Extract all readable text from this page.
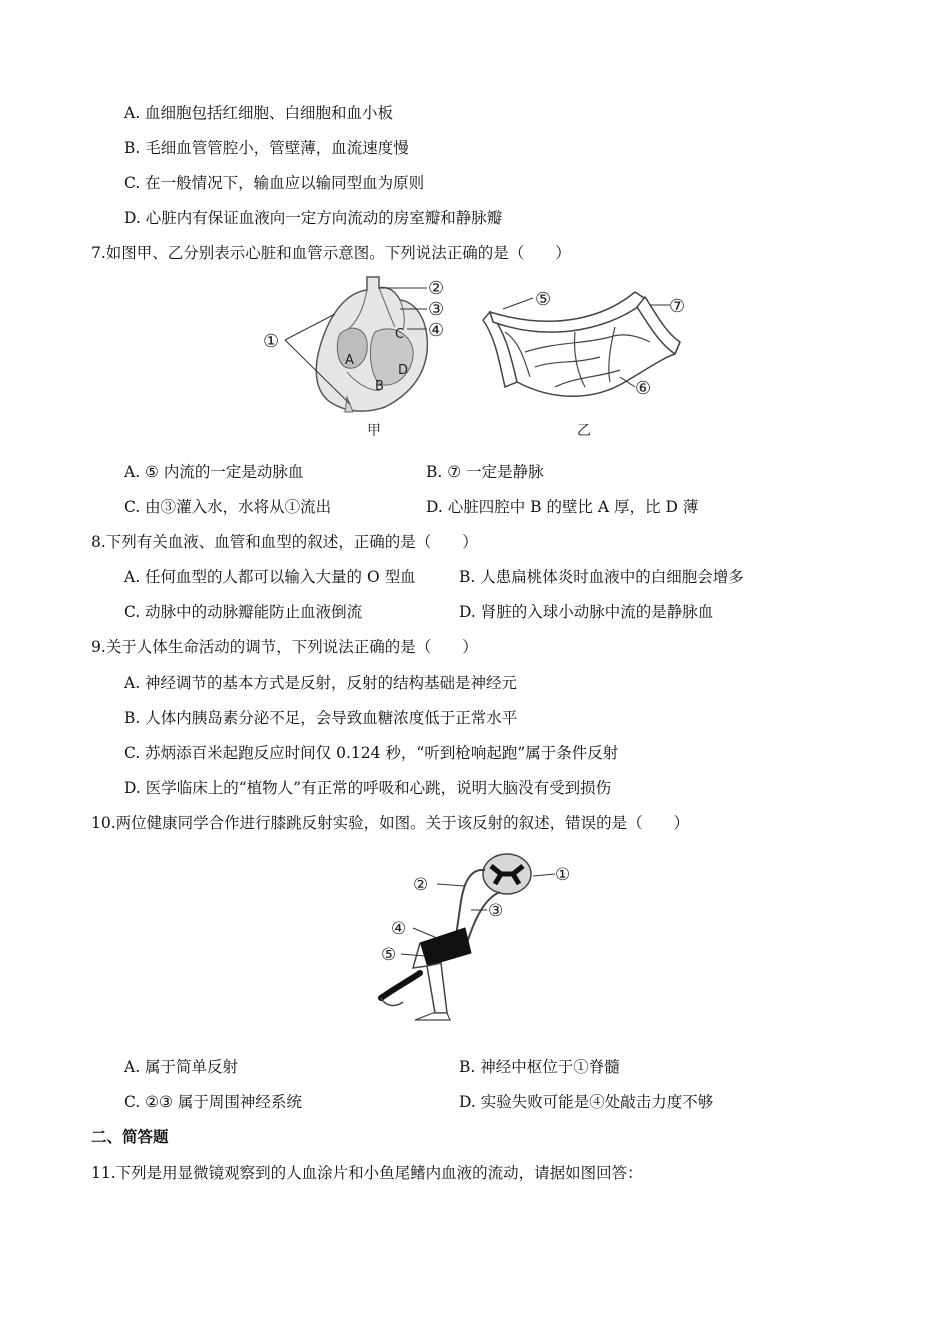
A. 血细胞包括红细胞、白细胞和血小板
B. 毛细血管管腔小，管壁薄，血流速度慢
C. 在一般情况下，输血应以输同型血为原则
D. 心脏内有保证血液向一定方向流动的房室瓣和静脉瓣
7.如图甲、乙分别表示心脏和血管示意图。下列说法正确的是（　　）
A
B
C
D
①
②
③
④
甲
⑤	⑦
⑥
乙
A. ⑤ 内流的一定是动脉血	B. ⑦ 一定是静脉
C. 由③灌入水，水将从①流出	D. 心脏四腔中 B 的壁比 A 厚，比 D 薄
8.下列有关血液、血管和血型的叙述，正确的是（　　）
A. 任何血型的人都可以输入大量的 O 型血	B. 人患扁桃体炎时血液中的白细胞会增多
C. 动脉中的动脉瓣能防止血液倒流	D. 肾脏的入球小动脉中流的是静脉血
9.关于人体生命活动的调节，下列说法正确的是（　　）
A. 神经调节的基本方式是反射，反射的结构基础是神经元
B. 人体内胰岛素分泌不足，会导致血糖浓度低于正常水平
C. 苏炳添百米起跑反应时间仅 0.124 秒，“听到枪响起跑”属于条件反射
D. 医学临床上的“植物人”有正常的呼吸和心跳，说明大脑没有受到损伤
10.两位健康同学合作进行膝跳反射实验，如图。关于该反射的叙述，错误的是（　　）
①
②
③
④
⑤
A. 属于简单反射	B. 神经中枢位于①脊髓
C. ②③ 属于周围神经系统	D. 实验失败可能是④处敲击力度不够
二、简答题
11.下列是用显微镜观察到的人血涂片和小鱼尾鳍内血液的流动，请据如图回答：
